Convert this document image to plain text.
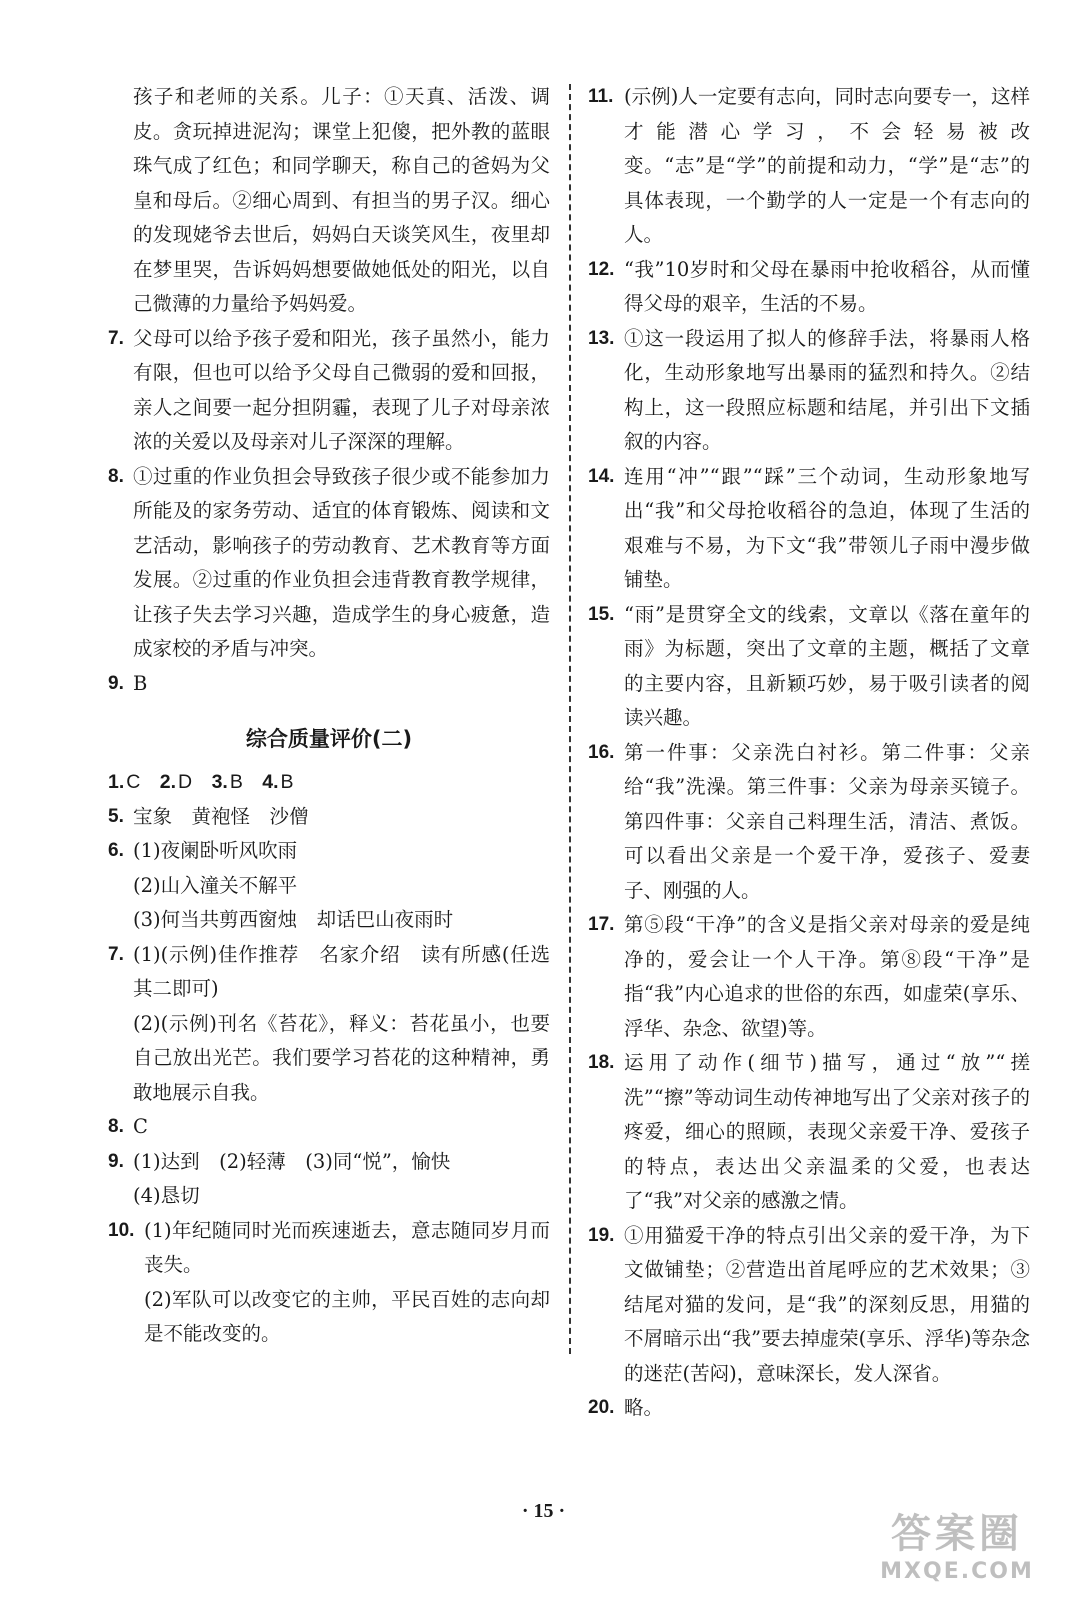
孩子和老师的关系。儿子：①天真、活泼、调皮。贪玩掉进泥沟；课堂上犯傻，把外教的蓝眼珠气成了红色；和同学聊天，称自己的爸妈为父皇和母后。②细心周到、有担当的男子汉。细心的发现姥爷去世后，妈妈白天谈笑风生，夜里却在梦里哭，告诉妈妈想要做她低处的阳光，以自己微薄的力量给予妈妈爱。
7. 父母可以给予孩子爱和阳光，孩子虽然小，能力有限，但也可以给予父母自己微弱的爱和回报，亲人之间要一起分担阴霾，表现了儿子对母亲浓浓的关爱以及母亲对儿子深深的理解。
8. ①过重的作业负担会导致孩子很少或不能参加力所能及的家务劳动、适宜的体育锻炼、阅读和文艺活动，影响孩子的劳动教育、艺术教育等方面发展。②过重的作业负担会违背教育教学规律，让孩子失去学习兴趣，造成学生的身心疲惫，造成家校的矛盾与冲突。
9. B
综合质量评价(二)
1. C 2. D 3. B 4. B
5. 宝象　黄袍怪　沙僧
6. (1)夜阑卧听风吹雨
(2)山入潼关不解平
(3)何当共剪西窗烛　却话巴山夜雨时
7. (1)(示例)佳作推荐　名家介绍　读有所感(任选其二即可)
(2)(示例)刊名《苔花》，释义：苔花虽小，也要自己放出光芒。我们要学习苔花的这种精神，勇敢地展示自我。
8. C
9. (1)达到　(2)轻薄　(3)同“悦”，愉快
(4)恳切
10. (1)年纪随同时光而疾速逝去，意志随同岁月而丧失。
(2)军队可以改变它的主帅，平民百姓的志向却是不能改变的。
11. (示例)人一定要有志向，同时志向要专一，这样才能潜心学习，不会轻易被改变。“志”是“学”的前提和动力，“学”是“志”的具体表现，一个勤学的人一定是一个有志向的人。
12. “我”10岁时和父母在暴雨中抢收稻谷，从而懂得父母的艰辛，生活的不易。
13. ①这一段运用了拟人的修辞手法，将暴雨人格化，生动形象地写出暴雨的猛烈和持久。②结构上，这一段照应标题和结尾，并引出下文插叙的内容。
14. 连用“冲”“跟”“踩”三个动词，生动形象地写出“我”和父母抢收稻谷的急迫，体现了生活的艰难与不易，为下文“我”带领儿子雨中漫步做铺垫。
15. “雨”是贯穿全文的线索，文章以《落在童年的雨》为标题，突出了文章的主题，概括了文章的主要内容，且新颖巧妙，易于吸引读者的阅读兴趣。
16. 第一件事：父亲洗白衬衫。第二件事：父亲给“我”洗澡。第三件事：父亲为母亲买镜子。第四件事：父亲自己料理生活，清洁、煮饭。可以看出父亲是一个爱干净，爱孩子、爱妻子、刚强的人。
17. 第⑤段“干净”的含义是指父亲对母亲的爱是纯净的，爱会让一个人干净。第⑧段“干净”是指“我”内心追求的世俗的东西，如虚荣(享乐、浮华、杂念、欲望)等。
18. 运用了动作(细节)描写，通过“放”“搓洗”“擦”等动词生动传神地写出了父亲对孩子的疼爱，细心的照顾，表现父亲爱干净、爱孩子的特点，表达出父亲温柔的父爱，也表达了“我”对父亲的感激之情。
19. ①用猫爱干净的特点引出父亲的爱干净，为下文做铺垫；②营造出首尾呼应的艺术效果；③结尾对猫的发问，是“我”的深刻反思，用猫的不屑暗示出“我”要去掉虚荣(享乐、浮华)等杂念的迷茫(苦闷)，意味深长，发人深省。
20. 略。
· 15 ·	答案圈
MXQE.COM
